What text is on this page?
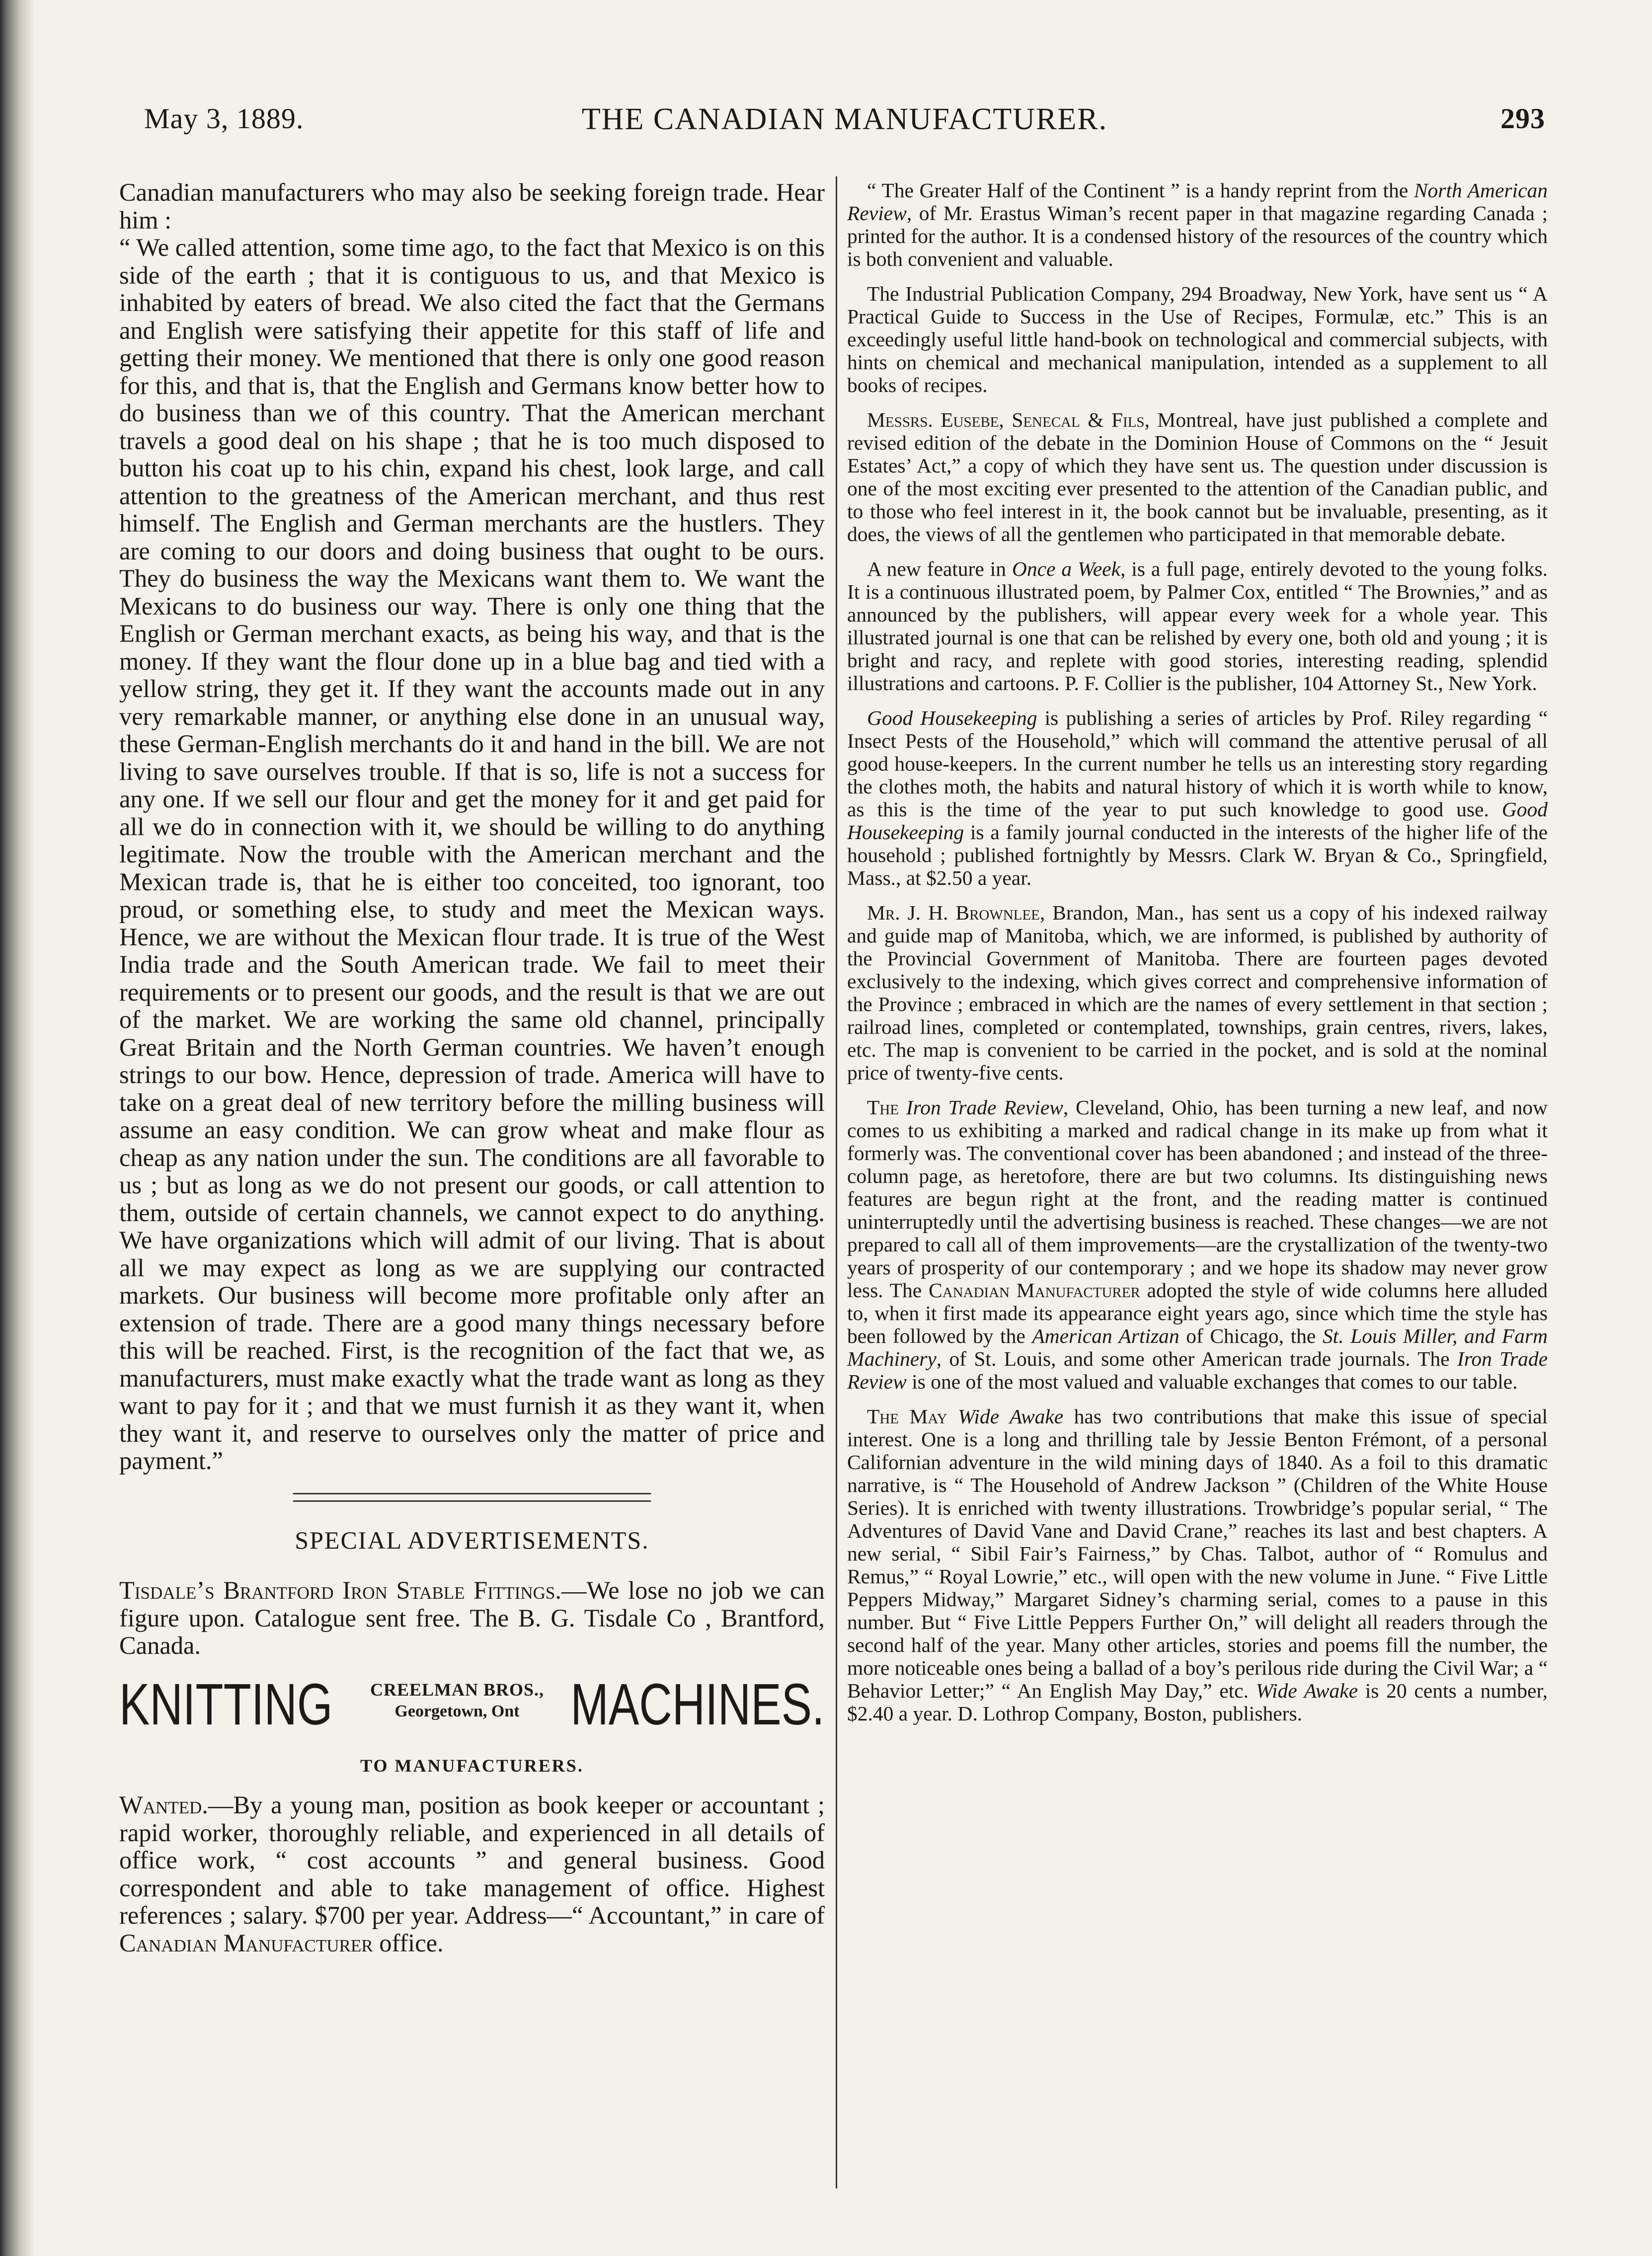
May 3, 1889.	THE CANADIAN MANUFACTURER.	293

Canadian manufacturers who may also be seeking foreign trade. Hear him :

“ We called attention, some time ago, to the fact that Mexico is on this side of the earth ; that it is contiguous to us, and that Mexico is inhabited by eaters of bread. We also cited the fact that the Germans and English were satisfying their appetite for this staff of life and getting their money. We mentioned that there is only one good reason for this, and that is, that the English and Germans know better how to do business than we of this country. That the American merchant travels a good deal on his shape ; that he is too much disposed to button his coat up to his chin, expand his chest, look large, and call attention to the greatness of the American merchant, and thus rest himself. The English and German merchants are the hustlers. They are coming to our doors and doing business that ought to be ours. They do business the way the Mexicans want them to. We want the Mexicans to do business our way. There is only one thing that the English or German merchant exacts, as being his way, and that is the money. If they want the flour done up in a blue bag and tied with a yellow string, they get it. If they want the accounts made out in any very remarkable manner, or anything else done in an unusual way, these German-English merchants do it and hand in the bill. We are not living to save ourselves trouble. If that is so, life is not a success for any one. If we sell our flour and get the money for it and get paid for all we do in connection with it, we should be willing to do anything legitimate. Now the trouble with the American merchant and the Mexican trade is, that he is either too conceited, too ignorant, too proud, or something else, to study and meet the Mexican ways. Hence, we are without the Mexican flour trade. It is true of the West India trade and the South American trade. We fail to meet their requirements or to present our goods, and the result is that we are out of the market. We are working the same old channel, principally Great Britain and the North German countries. We haven’t enough strings to our bow. Hence, depression of trade. America will have to take on a great deal of new territory before the milling business will assume an easy condition. We can grow wheat and make flour as cheap as any nation under the sun. The conditions are all favorable to us ; but as long as we do not present our goods, or call attention to them, outside of certain channels, we cannot expect to do anything. We have organizations which will admit of our living. That is about all we may expect as long as we are supplying our contracted markets. Our business will become more profitable only after an extension of trade. There are a good many things necessary before this will be reached. First, is the recognition of the fact that we, as manufacturers, must make exactly what the trade want as long as they want to pay for it ; and that we must furnish it as they want it, when they want it, and reserve to ourselves only the matter of price and payment.”

SPECIAL ADVERTISEMENTS.

Tisdale’s Brantford Iron Stable Fittings.—We lose no job we can figure upon. Catalogue sent free. The B. G. Tisdale Co , Brantford, Canada.

KNITTING	CREELMAN BROS.,
Georgetown, Ont MACHINES.
TO MANUFACTURERS.

Wanted.—By a young man, position as book keeper or accountant ; rapid worker, thoroughly reliable, and experienced in all details of office work, “ cost accounts ” and general business. Good correspondent and able to take management of office. Highest references ; salary. $700 per year. Address—“ Accountant,” in care of Canadian Manufacturer office.

“ The Greater Half of the Continent ” is a handy reprint from the North American Review, of Mr. Erastus Wiman’s recent paper in that magazine regarding Canada ; printed for the author. It is a condensed history of the resources of the country which is both convenient and valuable.

The Industrial Publication Company, 294 Broadway, New York, have sent us “ A Practical Guide to Success in the Use of Recipes, Formulæ, etc.” This is an exceedingly useful little hand-book on technological and commercial subjects, with hints on chemical and mechanical manipulation, intended as a supplement to all books of recipes.

Messrs. Eusebe, Senecal & Fils, Montreal, have just published a complete and revised edition of the debate in the Dominion House of Commons on the “ Jesuit Estates’ Act,” a copy of which they have sent us. The question under discussion is one of the most exciting ever presented to the attention of the Canadian public, and to those who feel interest in it, the book cannot but be invaluable, presenting, as it does, the views of all the gentlemen who participated in that memorable debate.

A new feature in Once a Week, is a full page, entirely devoted to the young folks. It is a continuous illustrated poem, by Palmer Cox, entitled “ The Brownies,” and as announced by the publishers, will appear every week for a whole year. This illustrated journal is one that can be relished by every one, both old and young ; it is bright and racy, and replete with good stories, interesting reading, splendid illustrations and cartoons. P. F. Collier is the publisher, 104 Attorney St., New York.

Good Housekeeping is publishing a series of articles by Prof. Riley regarding “ Insect Pests of the Household,” which will command the attentive perusal of all good house-keepers. In the current number he tells us an interesting story regarding the clothes moth, the habits and natural history of which it is worth while to know, as this is the time of the year to put such knowledge to good use. Good Housekeeping is a family journal conducted in the interests of the higher life of the household ; published fortnightly by Messrs. Clark W. Bryan & Co., Springfield, Mass., at $2.50 a year.

Mr. J. H. Brownlee, Brandon, Man., has sent us a copy of his indexed railway and guide map of Manitoba, which, we are informed, is published by authority of the Provincial Government of Manitoba. There are fourteen pages devoted exclusively to the indexing, which gives correct and comprehensive information of the Province ; embraced in which are the names of every settlement in that section ; railroad lines, completed or contemplated, townships, grain centres, rivers, lakes, etc. The map is convenient to be carried in the pocket, and is sold at the nominal price of twenty-five cents.

The Iron Trade Review, Cleveland, Ohio, has been turning a new leaf, and now comes to us exhibiting a marked and radical change in its make up from what it formerly was. The conventional cover has been abandoned ; and instead of the three-column page, as heretofore, there are but two columns. Its distinguishing news features are begun right at the front, and the reading matter is continued uninterruptedly until the advertising business is reached. These changes—we are not prepared to call all of them improvements—are the crystallization of the twenty-two years of prosperity of our contemporary ; and we hope its shadow may never grow less. The Canadian Manufacturer adopted the style of wide columns here alluded to, when it first made its appearance eight years ago, since which time the style has been followed by the American Artizan of Chicago, the St. Louis Miller, and Farm Machinery, of St. Louis, and some other American trade journals. The Iron Trade Review is one of the most valued and valuable exchanges that comes to our table.

The May Wide Awake has two contributions that make this issue of special interest. One is a long and thrilling tale by Jessie Benton Frémont, of a personal Californian adventure in the wild mining days of 1840. As a foil to this dramatic narrative, is “ The Household of Andrew Jackson ” (Children of the White House Series). It is enriched with twenty illustrations. Trowbridge’s popular serial, “ The Adventures of David Vane and David Crane,” reaches its last and best chapters. A new serial, “ Sibil Fair’s Fairness,” by Chas. Talbot, author of “ Romulus and Remus,” “ Royal Lowrie,” etc., will open with the new volume in June. “ Five Little Peppers Midway,” Margaret Sidney’s charming serial, comes to a pause in this number. But “ Five Little Peppers Further On,” will delight all readers through the second half of the year. Many other articles, stories and poems fill the number, the more noticeable ones being a ballad of a boy’s perilous ride during the Civil War; a “ Behavior Letter;” “ An English May Day,” etc. Wide Awake is 20 cents a number, $2.40 a year. D. Lothrop Company, Boston, publishers.
